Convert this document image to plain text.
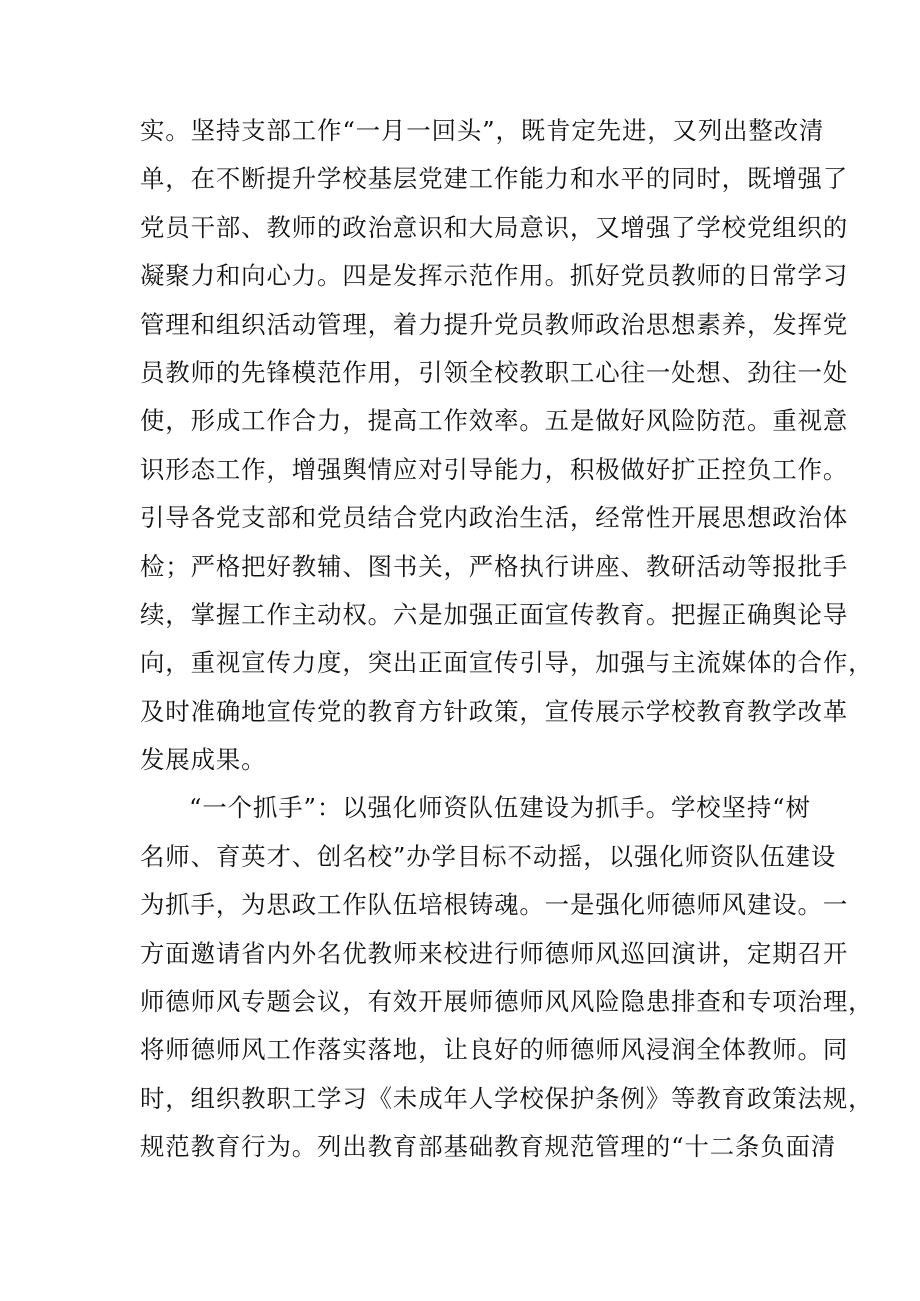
实。坚持支部工作“一月一回头”，既肯定先进，又列出整改清
单，在不断提升学校基层党建工作能力和水平的同时，既增强了
党员干部、教师的政治意识和大局意识，又增强了学校党组织的
凝聚力和向心力。四是发挥示范作用。抓好党员教师的日常学习
管理和组织活动管理，着力提升党员教师政治思想素养，发挥党
员教师的先锋模范作用，引领全校教职工心往一处想、劲往一处
使，形成工作合力，提高工作效率。五是做好风险防范。重视意
识形态工作，增强舆情应对引导能力，积极做好扩正控负工作。
引导各党支部和党员结合党内政治生活，经常性开展思想政治体
检；严格把好教辅、图书关，严格执行讲座、教研活动等报批手
续，掌握工作主动权。六是加强正面宣传教育。把握正确舆论导
向，重视宣传力度，突出正面宣传引导，加强与主流媒体的合作，
及时准确地宣传党的教育方针政策，宣传展示学校教育教学改革
发展成果。
“一个抓手”：以强化师资队伍建设为抓手。学校坚持“树
名师、育英才、创名校”办学目标不动摇，以强化师资队伍建设
为抓手，为思政工作队伍培根铸魂。一是强化师德师风建设。一
方面邀请省内外名优教师来校进行师德师风巡回演讲，定期召开
师德师风专题会议，有效开展师德师风风险隐患排查和专项治理，
将师德师风工作落实落地，让良好的师德师风浸润全体教师。同
时，组织教职工学习《未成年人学校保护条例》等教育政策法规，
规范教育行为。列出教育部基础教育规范管理的“十二条负面清
